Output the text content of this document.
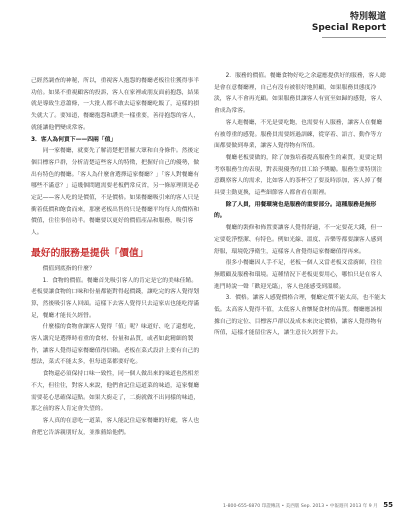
特別報道
Special Report

己經然調查的神秘，所以，重視客人抱怨的餐廳老板往往獲得事半功倍。如果不重視顧客的投訴，客人在家裡或朋友面前抱怨，結果就是導致生意蕭條，一大批人都不敢去這家餐廳吃飯了，這樣的損失就大了。要知道，餐廳抱怨和讚美一樣重要，善待抱怨的客人，就能讓他們變成常客。

3．客人為何買下——四兩「值」

同一家餐廳，就要先了解清楚把普羅大眾和自身條件。然後定個目標客戶群，分析清楚這些客人的特徵，把握好自己的優勢，做出有特色的餐廳。「客人為什麼會選擇這家餐廳？」「客人對餐廳有哪些不滿意？」這幾個問題需要老板們常反省，另一條原理則是必定記——客人吃的是價值，不是價格。如果餐廳吸引來的客人只是衝着低價和飽食而來，那麼老板出售的只是餐廳平均每人的價格和價值，住往事倍功半。餐廳要以更好的價值產品和服務，吸引客人。

最好的服務是提供「價值」

價值到底指的什麼？

1．食物的價值。餐廳首先吸引客人的肯定是它的美味佳餚。老板要讓食物的口味和份量都能對得起價錢，讓吃完的客人覺得划算，然後吸引客人回頭。這樣下去客人覺得只去這家店也能吃得滿足，餐廳才能長久經營。

什麼樣的食物會讓客人覺得「值」呢？味道好、吃了還想吃，客人講究是選擇時看重的食材、份量和品質，或者如此精細的製作，讓客人覺得這家餐廳值得信賴。老板在菜式設計上要有自己的想法，菜式不能太多，但每道菜都要好吃。

食物還必須保持口味一致性，同一個人做出來的味道也然相差不大，但往往，對客人來說，他們會記住這道菜的味道，這家餐廳需要花心思確保這點。如果大廚走了，二廚就做不出同樣的味道，那之前的客人肯定會失望的。

客人真的在意吃一道菜，客人能記住這家餐廳的好處，客人也會把它告訴親朋好友，並推薦給他們。

2．服務的價值。餐廳食物好吃之余還應提供好的服務，客人總是會在意餐廳裡，自己有沒有被很好地照顧，如果服務員態度冷淡，客人不會再光顧。如果服務員讓客人有賓至如歸的感覺，客人會成為常客。

客人進餐廳，不光是要吃飽，也需要有人服務，讓客人在餐廳有被尊重的感覺。服務員需要經過訓練，從穿着、語言、動作等方面都要做到專業，讓客人覺得物有所值。

餐廳老板要做的，除了加強培養提高服務生的素質，更要定期考察服務生的表現，對表現優秀的員工給予獎勵。服務生要特別注意觀察客人的需求，比如客人的茶杯空了要及時添加，客人掉了餐具要主動更換，這些細節客人都會看在眼裡。

除了人員，用餐環境也是服務的重要部分。這種服務是無形的。

餐廳的裝修和佈置要讓客人覺得舒適，不一定要花大錢，但一定要乾淨整潔、有特色。例如光線、溫度、音樂等都要讓客人感到舒服，環境乾淨衛生，這樣客人會覺得這家餐廳值得再來。

很多小餐廳因人手不足，老板一個人又當老板又當廚師，往往無暇顧及服務和環境。這種情況下老板更要用心，哪怕只是在客人進門時說一聲「歡迎光臨」，客人也能感受到溫暖。

3．價格。讓客人感覺價格合理，餐廳定價不能太高，也不能太低。太高客人覺得不值，太低客人會懷疑食材的品質。餐廳應該根據自己的定位、目標客戶群以及成本來決定價格，讓客人覺得物有所值，這樣才能留住客人，讓生意長久經營下去。

1-800-655-6870 印證傳訊 • 美西版 Sep. 2013 • 中報週刊 2013 年 9 月 55
